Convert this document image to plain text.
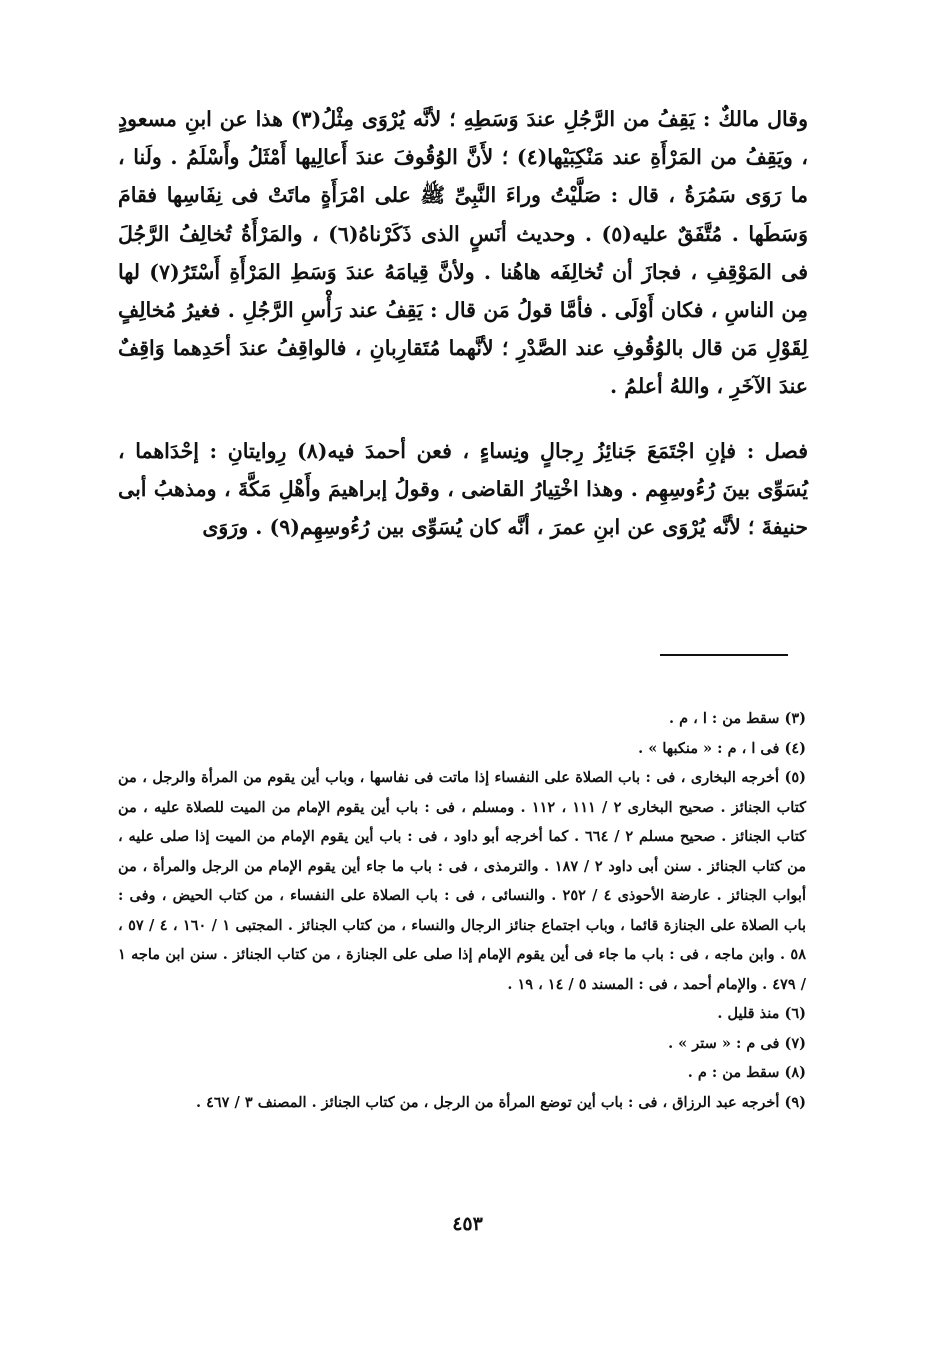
وقال مالكٌ : يَقِفُ من الرَّجُلِ عندَ وَسَطِهِ ؛ لأنَّه يُرْوَى مِثْلُ(٣) هذا عن ابنِ مسعودٍ ، ويَقِفُ من المَرْأَةِ عند مَنْكِبَيْها(٤) ؛ لأَنَّ الوُقُوفَ عندَ أَعالِيها أَمْثَلُ وأَسْلَمُ . ولَنا ، ما رَوَى سَمُرَةُ ، قال : صَلَّيْتُ وراءَ النَّبِىِّ ﷺ على امْرَأَةٍ ماتَتْ فى نِفَاسِها فقامَ وَسَطَها . مُتَّفَقٌ عليه(٥) . وحديث أنَسٍ الذى ذَكَرْناهُ(٦) ، والمَرْأَةُ تُخالِفُ الرَّجُلَ فى المَوْقِفِ ، فجازَ أن تُخالِفَه هاهُنا . ولأنَّ قِيامَهُ عندَ وَسَطِ المَرْأَةِ أَسْتَرُ(٧) لها مِن الناسِ ، فكان أَوْلَى . فأمَّا قولُ مَن قال : يَقِفُ عند رَأْسِ الرَّجُلِ . فغيرُ مُخالِفٍ لِقَوْلِ مَن قال بالوُقُوفِ عند الصَّدْرِ ؛ لأنَّهما مُتَقارِبانِ ، فالواقِفُ عندَ أحَدِهما وَاقِفٌ عندَ الآخَرِ ، واللهُ أعلمُ .

فصل : فإنِ اجْتَمَعَ جَنائِزُ رِجالٍ ونِساءٍ ، فعن أحمدَ فيه(٨) رِوايتانِ : إحْدَاهما ، يُسَوِّى بينَ رُءُوسِهِم . وهذا اخْتِيارُ القاضى ، وقولُ إبراهيمَ وأَهْلِ مَكَّةَ ، ومذهبُ أبى حنيفةَ ؛ لأنَّه يُرْوَى عن ابنِ عمرَ ، أنَّه كان يُسَوِّى بين رُءُوسِهِم(٩) . ورَوَى

(٣) سقط من : ا ، م .

(٤) فى ا ، م : « منكبها » .

(٥) أخرجه البخارى ، فى : باب الصلاة على النفساء إذا ماتت فى نفاسها ، وباب أين يقوم من المرأة والرجل ، من كتاب الجنائز . صحيح البخارى ٢ / ١١١ ، ١١٢ . ومسلم ، فى : باب أين يقوم الإمام من الميت للصلاة عليه ، من كتاب الجنائز . صحيح مسلم ٢ / ٦٦٤ . كما أخرجه أبو داود ، فى : باب أين يقوم الإمام من الميت إذا صلى عليه ، من كتاب الجنائز . سنن أبى داود ٢ / ١٨٧ . والترمذى ، فى : باب ما جاء أين يقوم الإمام من الرجل والمرأة ، من أبواب الجنائز . عارضة الأحوذى ٤ / ٢٥٢ . والنسائى ، فى : باب الصلاة على النفساء ، من كتاب الحيض ، وفى : باب الصلاة على الجنازة قائما ، وباب اجتماع جنائز الرجال والنساء ، من كتاب الجنائز . المجتبى ١ / ١٦٠ ، ٤ / ٥٧ ، ٥٨ . وابن ماجه ، فى : باب ما جاء فى أين يقوم الإمام إذا صلى على الجنازة ، من كتاب الجنائز . سنن ابن ماجه ١ / ٤٧٩ . والإمام أحمد ، فى : المسند ٥ / ١٤ ، ١٩ .

(٦) منذ قليل .

(٧) فى م : « ستر » .

(٨) سقط من : م .

(٩) أخرجه عبد الرزاق ، فى : باب أين توضع المرأة من الرجل ، من كتاب الجنائز . المصنف ٣ / ٤٦٧ .

٤٥٣
